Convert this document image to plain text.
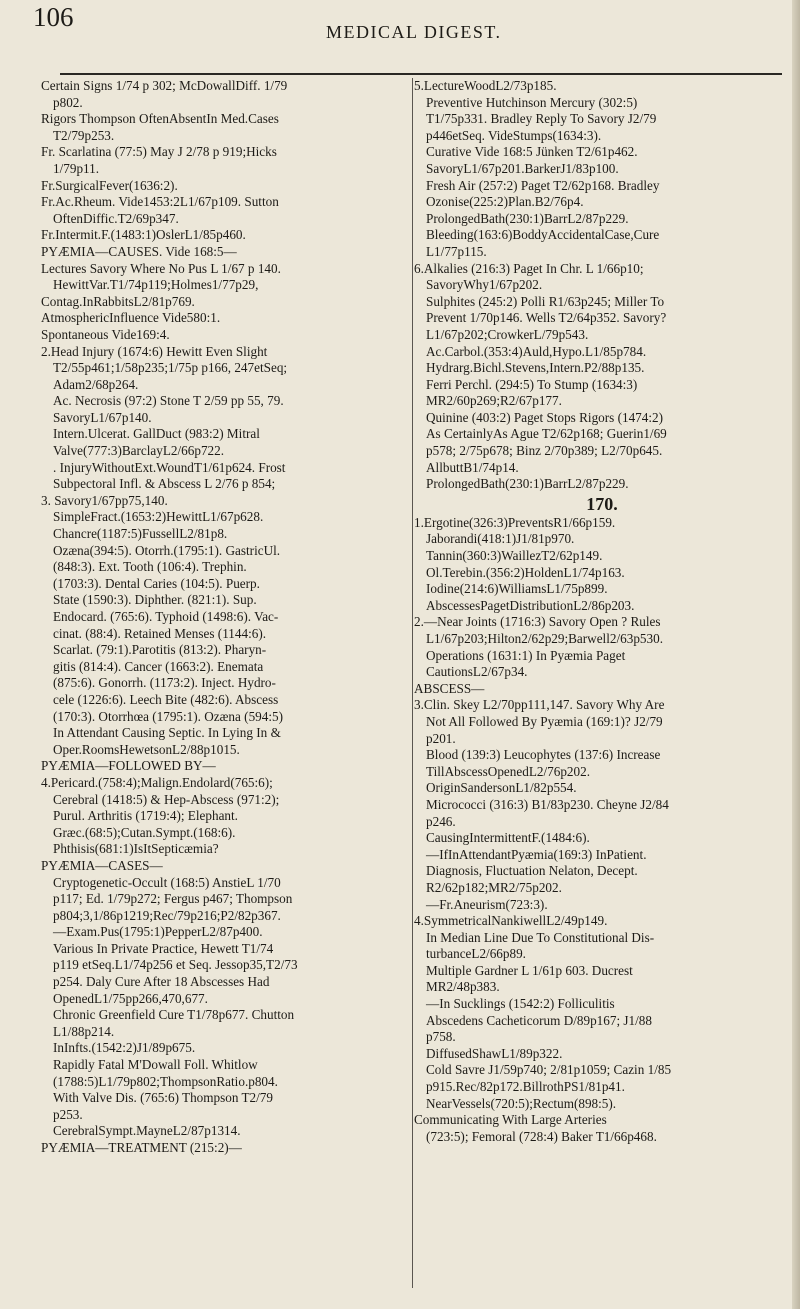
106	MEDICAL DIGEST.
Certain Signs 1/74 p 302; McDowallDiff. 1/79
p802.
Rigors Thompson OftenAbsentIn Med.Cases
T2/79p253.
Fr. Scarlatina (77:5) May J 2/78 p 919;Hicks
1/79p11.
Fr.SurgicalFever(1636:2).
Fr.Ac.Rheum. Vide1453:2L1/67p109. Sutton
OftenDiffic.T2/69p347.
Fr.Intermit.F.(1483:1)OslerL1/85p460.
PYÆMIA—CAUSES. Vide 168:5—
Lectures Savory Where No Pus L 1/67 p 140.
HewittVar.T1/74p119;Holmes1/77p29,
Contag.InRabbitsL2/81p769.
AtmosphericInfluence Vide580:1.
Spontaneous Vide169:4.
2.Head Injury (1674:6) Hewitt Even Slight
T2/55p461;1/58p235;1/75p p166, 247etSeq;
Adam2/68p264.
Ac. Necrosis (97:2) Stone T 2/59 pp 55, 79.
SavoryL1/67p140.
Intern.Ulcerat. GallDuct (983:2) Mitral
Valve(777:3)BarclayL2/66p722.
. InjuryWithoutExt.WoundT1/61p624. Frost
Subpectoral Infl. & Abscess L 2/76 p 854;
3. Savory1/67pp75,140.
SimpleFract.(1653:2)HewittL1/67p628.
Chancre(1187:5)FussellL2/81p8.
Ozæna(394:5). Otorrh.(1795:1). GastricUl.
(848:3). Ext. Tooth (106:4). Trephin.
(1703:3). Dental Caries (104:5). Puerp.
State (1590:3). Diphther. (821:1). Sup.
Endocard. (765:6). Typhoid (1498:6). Vac-
cinat. (88:4). Retained Menses (1144:6).
Scarlat. (79:1).Parotitis (813:2). Pharyn-
gitis (814:4). Cancer (1663:2). Enemata
(875:6). Gonorrh. (1173:2). Inject. Hydro-
cele (1226:6). Leech Bite (482:6). Abscess
(170:3). Otorrhœa (1795:1). Ozæna (594:5)
In Attendant Causing Septic. In Lying In &
Oper.RoomsHewetsonL2/88p1015.
PYÆMIA—FOLLOWED BY—
4.Pericard.(758:4);Malign.Endolard(765:6);
Cerebral (1418:5) & Hep-Abscess (971:2);
Purul. Arthritis (1719:4); Elephant.
Græc.(68:5);Cutan.Sympt.(168:6).
Phthisis(681:1)IsItSepticæmia?
PYÆMIA—CASES—
Cryptogenetic-Occult (168:5) AnstieL 1/70
p117; Ed. 1/79p272; Fergus p467; Thompson
p804;3,1/86p1219;Rec/79p216;P2/82p367.
—Exam.Pus(1795:1)PepperL2/87p400.
Various In Private Practice, Hewett T1/74
p119 etSeq.L1/74p256 et Seq. Jessop35,T2/73
p254. Daly Cure After 18 Abscesses Had
OpenedL1/75pp266,470,677.
Chronic Greenfield Cure T1/78p677. Chutton
L1/88p214.
InInfts.(1542:2)J1/89p675.
Rapidly Fatal M'Dowall Foll. Whitlow
(1788:5)L1/79p802;ThompsonRatio.p804.
With Valve Dis. (765:6) Thompson T2/79
p253.
CerebralSympt.MayneL2/87p1314.
PYÆMIA—TREATMENT (215:2)—
5.LectureWoodL2/73p185.
Preventive Hutchinson Mercury (302:5)
T1/75p331. Bradley Reply To Savory J2/79
p446etSeq. VideStumps(1634:3).
Curative Vide 168:5 Jünken T2/61p462.
SavoryL1/67p201.BarkerJ1/83p100.
Fresh Air (257:2) Paget T2/62p168. Bradley
Ozonise(225:2)Plan.B2/76p4.
ProlongedBath(230:1)BarrL2/87p229.
Bleeding(163:6)BoddyAccidentalCase,Cure
L1/77p115.
6.Alkalies (216:3) Paget In Chr. L 1/66p10;
SavoryWhy1/67p202.
Sulphites (245:2) Polli R1/63p245; Miller To
Prevent 1/70p146. Wells T2/64p352. Savory?
L1/67p202;CrowkerL/79p543.
Ac.Carbol.(353:4)Auld,Hypo.L1/85p784.
Hydrarg.Bichl.Stevens,Intern.P2/88p135.
Ferri Perchl. (294:5) To Stump (1634:3)
MR2/60p269;R2/67p177.
Quinine (403:2) Paget Stops Rigors (1474:2)
As CertainlyAs Ague T2/62p168; Guerin1/69
p578; 2/75p678; Binz 2/70p389; L2/70p645.
AllbuttB1/74p14.
ProlongedBath(230:1)BarrL2/87p229.
170.
1.Ergotine(326:3)PreventsR1/66p159.
Jaborandi(418:1)J1/81p970.
Tannin(360:3)WaillezT2/62p149.
Ol.Terebin.(356:2)HoldenL1/74p163.
Iodine(214:6)WilliamsL1/75p899.
AbscessesPagetDistributionL2/86p203.
2.—Near Joints (1716:3) Savory Open ? Rules
L1/67p203;Hilton2/62p29;Barwell2/63p530.
Operations (1631:1) In Pyæmia Paget
CautionsL2/67p34.
ABSCESS—
3.Clin. Skey L2/70pp111,147. Savory Why Are
Not All Followed By Pyæmia (169:1)? J2/79
p201.
Blood (139:3) Leucophytes (137:6) Increase
TillAbscessOpenedL2/76p202.
OriginSandersonL1/82p554.
Micrococci (316:3) B1/83p230. Cheyne J2/84
p246.
CausingIntermittentF.(1484:6).
—IfInAttendantPyæmia(169:3) InPatient.
Diagnosis, Fluctuation Nelaton, Decept.
R2/62p182;MR2/75p202.
—Fr.Aneurism(723:3).
4.SymmetricalNankiwellL2/49p149.
In Median Line Due To Constitutional Dis-
turbanceL2/66p89.
Multiple Gardner L 1/61p 603. Ducrest
MR2/48p383.
—In Sucklings (1542:2) Folliculitis
Abscedens Cacheticorum D/89p167; J1/88
p758.
DiffusedShawL1/89p322.
Cold Savre J1/59p740; 2/81p1059; Cazin 1/85
p915.Rec/82p172.BillrothPS1/81p41.
NearVessels(720:5);Rectum(898:5).
Communicating With Large Arteries
(723:5); Femoral (728:4) Baker T1/66p468.
